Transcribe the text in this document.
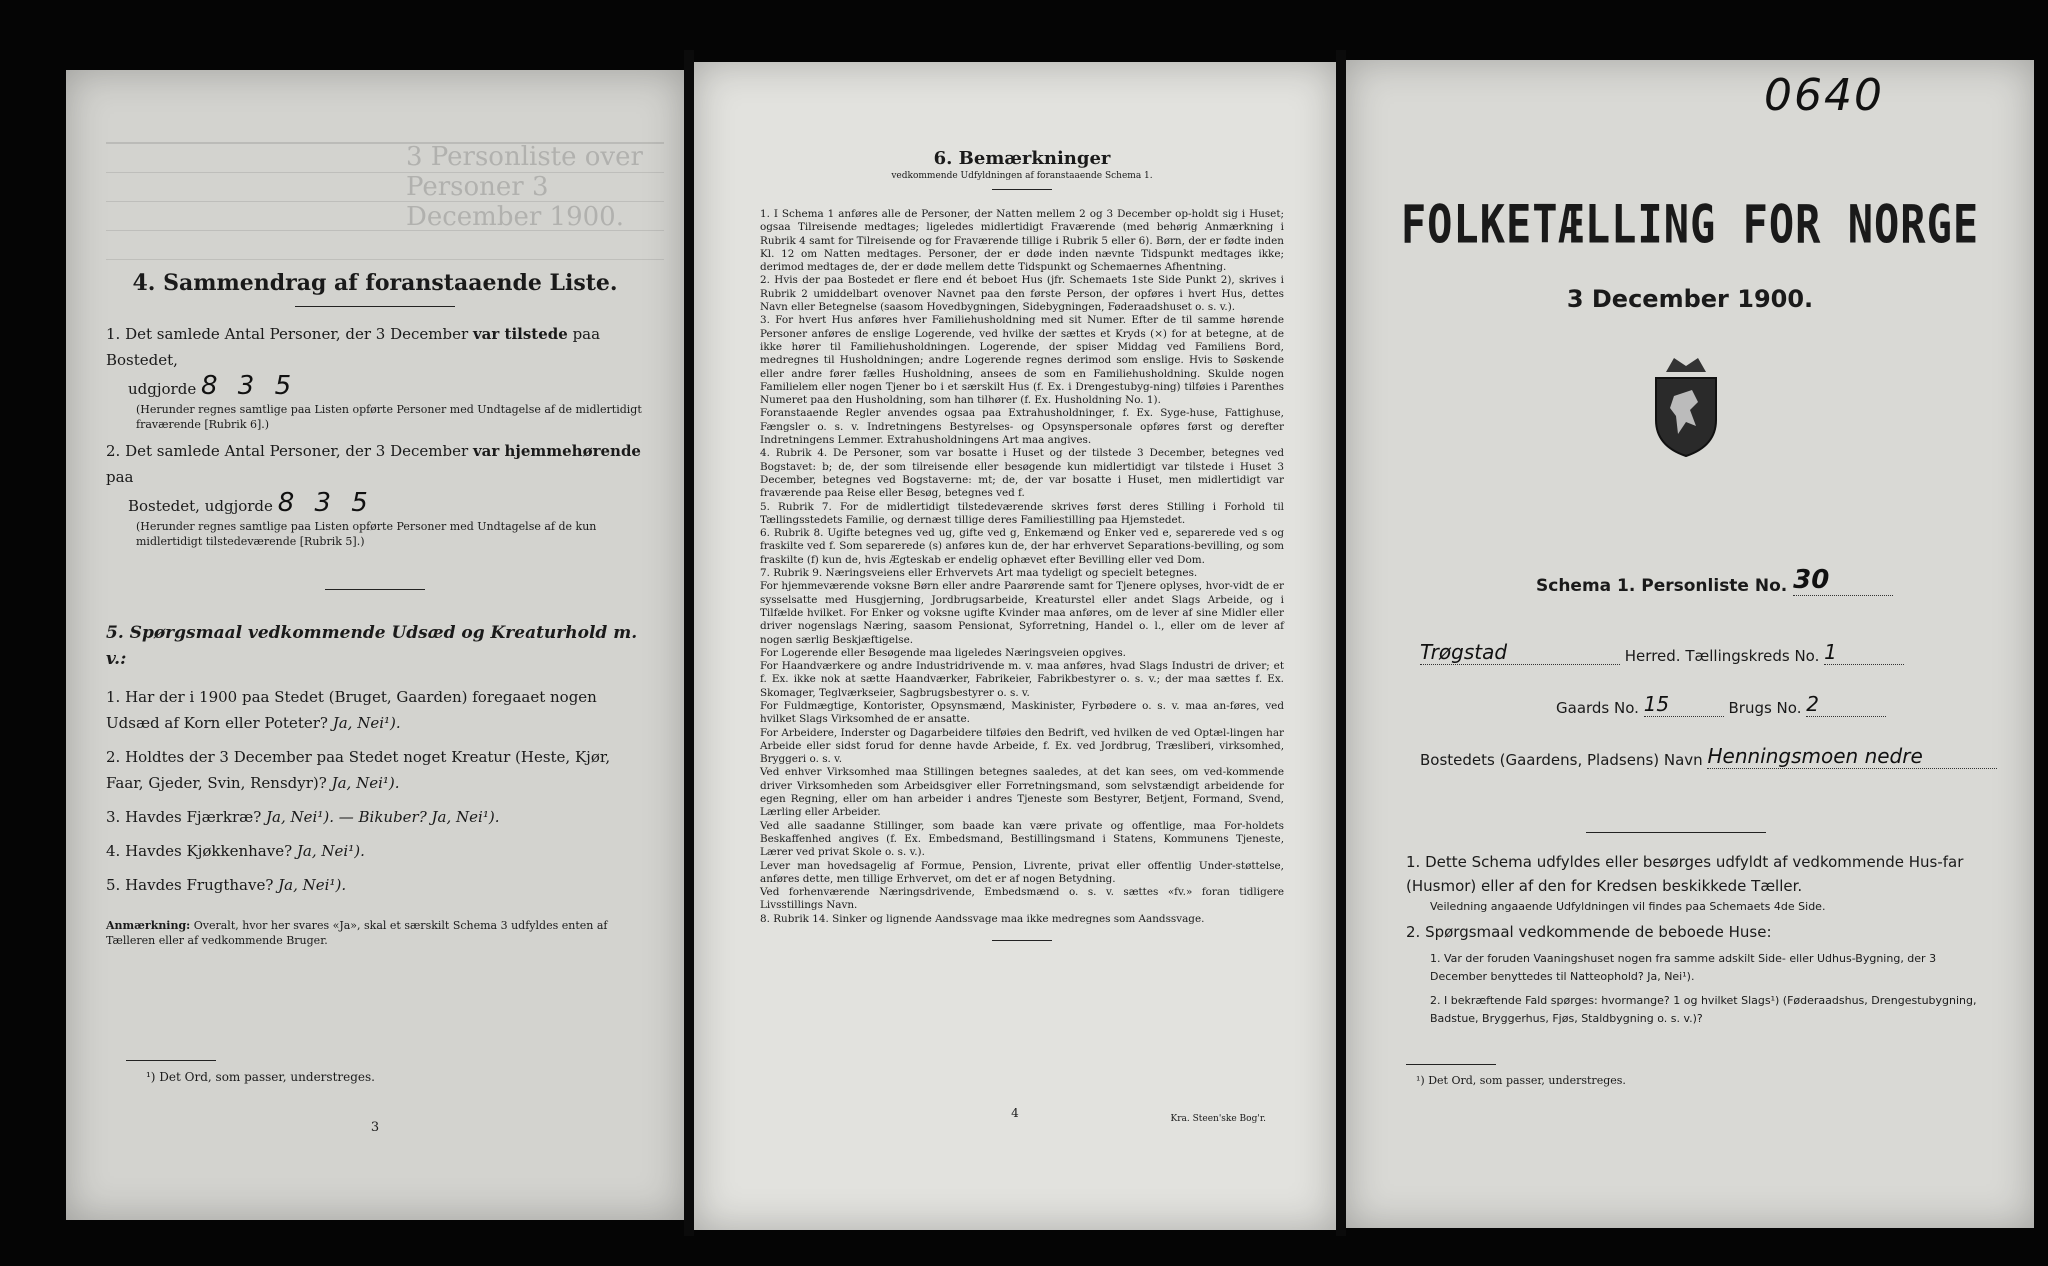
3 Personliste over Personer 3 December 1900.

4. Sammendrag af foranstaaende Liste.

1. Det samlede Antal Personer, der 3 December var tilstede paa Bostedet,

udgjorde 8 3 5

(Herunder regnes samtlige paa Listen opførte Personer med Undtagelse af de midlertidigt fraværende [Rubrik 6].)

2. Det samlede Antal Personer, der 3 December var hjemmehørende paa

Bostedet, udgjorde 8 3 5

(Herunder regnes samtlige paa Listen opførte Personer med Undtagelse af de kun midlertidigt tilstedeværende [Rubrik 5].)

5. Spørgsmaal vedkommende Udsæd og Kreaturhold m. v.:

1. Har der i 1900 paa Stedet (Bruget, Gaarden) foregaaet nogen Udsæd af Korn eller Poteter? Ja, Nei¹).

2. Holdtes der 3 December paa Stedet noget Kreatur (Heste, Kjør, Faar, Gjeder, Svin, Rensdyr)? Ja, Nei¹).

3. Havdes Fjærkræ? Ja, Nei¹). — Bikuber? Ja, Nei¹).

4. Havdes Kjøkkenhave? Ja, Nei¹).

5. Havdes Frugthave? Ja, Nei¹).

Anmærkning: Overalt, hvor her svares «Ja», skal et særskilt Schema 3 udfyldes enten af Tælleren eller af vedkommende Bruger.

¹) Det Ord, som passer, understreges.
3

6. Bemærkninger

vedkommende Udfyldningen af foranstaaende Schema 1.

1. I Schema 1 anføres alle de Personer, der Natten mellem 2 og 3 December op-holdt sig i Huset; ogsaa Tilreisende medtages; ligeledes midlertidigt Fraværende (med behørig Anmærkning i Rubrik 4 samt for Tilreisende og for Fraværende tillige i Rubrik 5 eller 6). Børn, der er fødte inden Kl. 12 om Natten medtages. Personer, der er døde inden nævnte Tidspunkt medtages ikke; derimod medtages de, der er døde mellem dette Tidspunkt og Schemaernes Afhentning.

2. Hvis der paa Bostedet er flere end ét beboet Hus (jfr. Schemaets 1ste Side Punkt 2), skrives i Rubrik 2 umiddelbart ovenover Navnet paa den første Person, der opføres i hvert Hus, dettes Navn eller Betegnelse (saasom Hovedbygningen, Sidebygningen, Føderaadshuset o. s. v.).

3. For hvert Hus anføres hver Familiehusholdning med sit Numer. Efter de til samme hørende Personer anføres de enslige Logerende, ved hvilke der sættes et Kryds (×) for at betegne, at de ikke hører til Familiehusholdningen. Logerende, der spiser Middag ved Familiens Bord, medregnes til Husholdningen; andre Logerende regnes derimod som enslige. Hvis to Søskende eller andre fører fælles Husholdning, ansees de som en Familiehusholdning. Skulde nogen Familielem eller nogen Tjener bo i et særskilt Hus (f. Ex. i Drengestubyg-ning) tilføies i Parenthes Numeret paa den Husholdning, som han tilhører (f. Ex. Husholdning No. 1).

Foranstaaende Regler anvendes ogsaa paa Extrahusholdninger, f. Ex. Syge-huse, Fattighuse, Fængsler o. s. v. Indretningens Bestyrelses- og Opsynspersonale opføres først og derefter Indretningens Lemmer. Extrahusholdningens Art maa angives.

4. Rubrik 4. De Personer, som var bosatte i Huset og der tilstede 3 December, betegnes ved Bogstavet: b; de, der som tilreisende eller besøgende kun midlertidigt var tilstede i Huset 3 December, betegnes ved Bogstaverne: mt; de, der var bosatte i Huset, men midlertidigt var fraværende paa Reise eller Besøg, betegnes ved f.

5. Rubrik 7. For de midlertidigt tilstedeværende skrives først deres Stilling i Forhold til Tællingsstedets Familie, og dernæst tillige deres Familiestilling paa Hjemstedet.

6. Rubrik 8. Ugifte betegnes ved ug, gifte ved g, Enkemænd og Enker ved e, separerede ved s og fraskilte ved f. Som separerede (s) anføres kun de, der har erhvervet Separations-bevilling, og som fraskilte (f) kun de, hvis Ægteskab er endelig ophævet efter Bevilling eller ved Dom.

7. Rubrik 9. Næringsveiens eller Erhvervets Art maa tydeligt og specielt betegnes.

For hjemmeværende voksne Børn eller andre Paarørende samt for Tjenere oplyses, hvor-vidt de er sysselsatte med Husgjerning, Jordbrugsarbeide, Kreaturstel eller andet Slags Arbeide, og i Tilfælde hvilket. For Enker og voksne ugifte Kvinder maa anføres, om de lever af sine Midler eller driver nogenslags Næring, saasom Pensionat, Syforretning, Handel o. l., eller om de lever af nogen særlig Beskjæftigelse.

For Logerende eller Besøgende maa ligeledes Næringsveien opgives.

For Haandværkere og andre Industridrivende m. v. maa anføres, hvad Slags Industri de driver; et f. Ex. ikke nok at sætte Haandværker, Fabrikeier, Fabrikbestyrer o. s. v.; der maa sættes f. Ex. Skomager, Teglværkseier, Sagbrugsbestyrer o. s. v.

For Fuldmægtige, Kontorister, Opsynsmænd, Maskinister, Fyrbødere o. s. v. maa an-føres, ved hvilket Slags Virksomhed de er ansatte.

For Arbeidere, Inderster og Dagarbeidere tilføies den Bedrift, ved hvilken de ved Optæl-lingen har Arbeide eller sidst forud for denne havde Arbeide, f. Ex. ved Jordbrug, Træsliberi, virksomhed, Bryggeri o. s. v.

Ved enhver Virksomhed maa Stillingen betegnes saaledes, at det kan sees, om ved-kommende driver Virksomheden som Arbeidsgiver eller Forretningsmand, som selvstændigt arbeidende for egen Regning, eller om han arbeider i andres Tjeneste som Bestyrer, Betjent, Formand, Svend, Lærling eller Arbeider.

Ved alle saadanne Stillinger, som baade kan være private og offentlige, maa For-holdets Beskaffenhed angives (f. Ex. Embedsmand, Bestillingsmand i Statens, Kommunens Tjeneste, Lærer ved privat Skole o. s. v.).

Lever man hovedsagelig af Formue, Pension, Livrente, privat eller offentlig Under-støttelse, anføres dette, men tillige Erhvervet, om det er af nogen Betydning.

Ved forhenværende Næringsdrivende, Embedsmænd o. s. v. sættes «fv.» foran tidligere Livsstillings Navn.

8. Rubrik 14. Sinker og lignende Aandssvage maa ikke medregnes som Aandssvage.

4	Kra. Steen'ske Bog'r.
0640
FOLKETÆLLING FOR NORGE
3 December 1900.
Schema 1. Personliste No. 30
Trøgstad	Herred. Tællingskreds No. 1
Gaards No. 15	Brugs No. 2
Bostedets (Gaardens, Pladsens) Navn Henningsmoen nedre

1. Dette Schema udfyldes eller besørges udfyldt af vedkommende Hus-far (Husmor) eller af den for Kredsen beskikkede Tæller.

Veiledning angaaende Udfyldningen vil findes paa Schemaets 4de Side.

2. Spørgsmaal vedkommende de beboede Huse:

1. Var der foruden Vaaningshuset nogen fra samme adskilt Side- eller Udhus-Bygning, der 3 December benyttedes til Natteophold? Ja, Nei¹).

2. I bekræftende Fald spørges: hvormange? 1 og hvilket Slags¹) (Føderaadshus, Drengestubygning, Badstue, Bryggerhus, Fjøs, Staldbygning o. s. v.)?

¹) Det Ord, som passer, understreges.
